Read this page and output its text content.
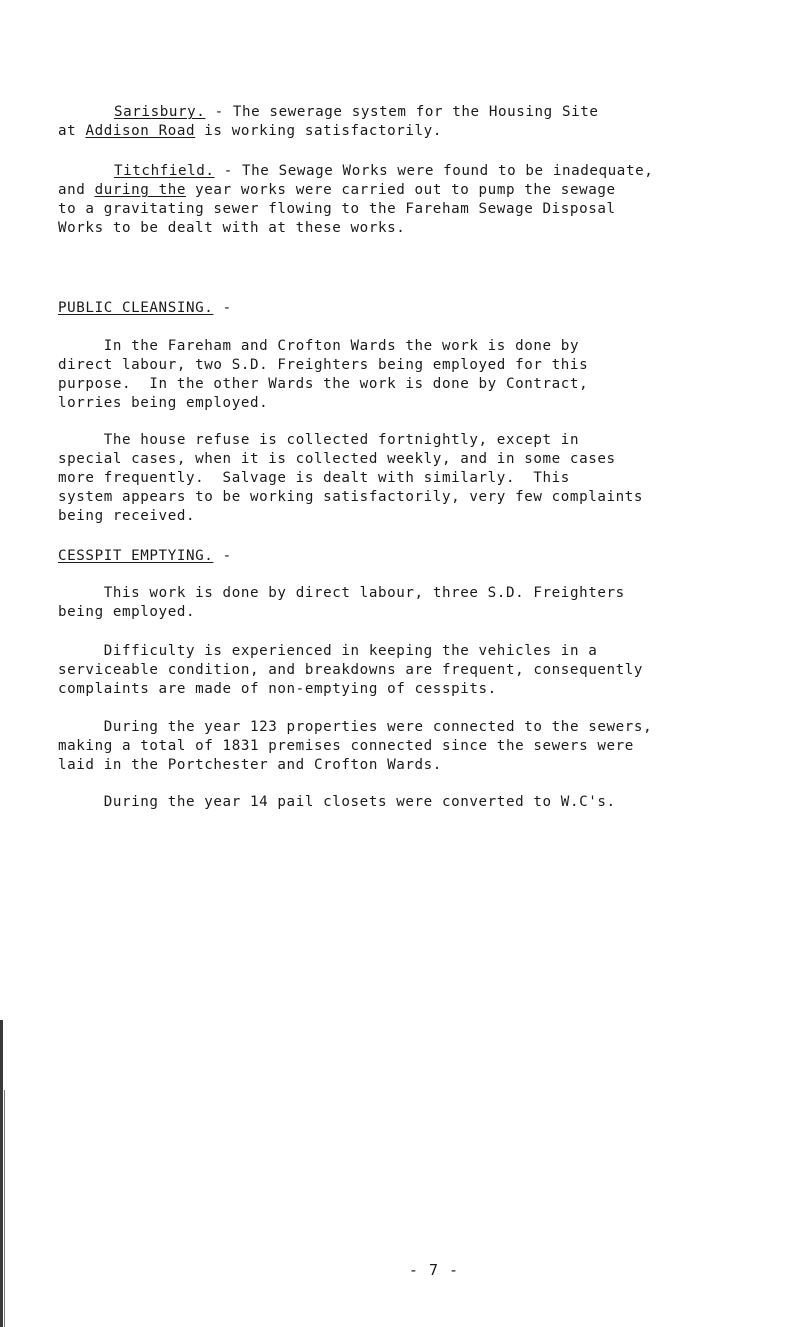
Sarisbury. - The sewerage system for the Housing Site
at Addison Road is working satisfactorily.

Titchfield. - The Sewage Works were found to be inadequate,
and during the year works were carried out to pump the sewage
to a gravitating sewer flowing to the Fareham Sewage Disposal
Works to be dealt with at these works.

PUBLIC CLEANSING. -

In the Fareham and Crofton Wards the work is done by
direct labour, two S.D. Freighters being employed for this
purpose.  In the other Wards the work is done by Contract,
lorries being employed.

The house refuse is collected fortnightly, except in
special cases, when it is collected weekly, and in some cases
more frequently.  Salvage is dealt with similarly.  This
system appears to be working satisfactorily, very few complaints
being received.

CESSPIT EMPTYING. -

This work is done by direct labour, three S.D. Freighters
being employed.

Difficulty is experienced in keeping the vehicles in a
serviceable condition, and breakdowns are frequent, consequently
complaints are made of non-emptying of cesspits.

During the year 123 properties were connected to the sewers,
making a total of 1831 premises connected since the sewers were
laid in the Portchester and Crofton Wards.

During the year 14 pail closets were converted to W.C's.

- 7 -
